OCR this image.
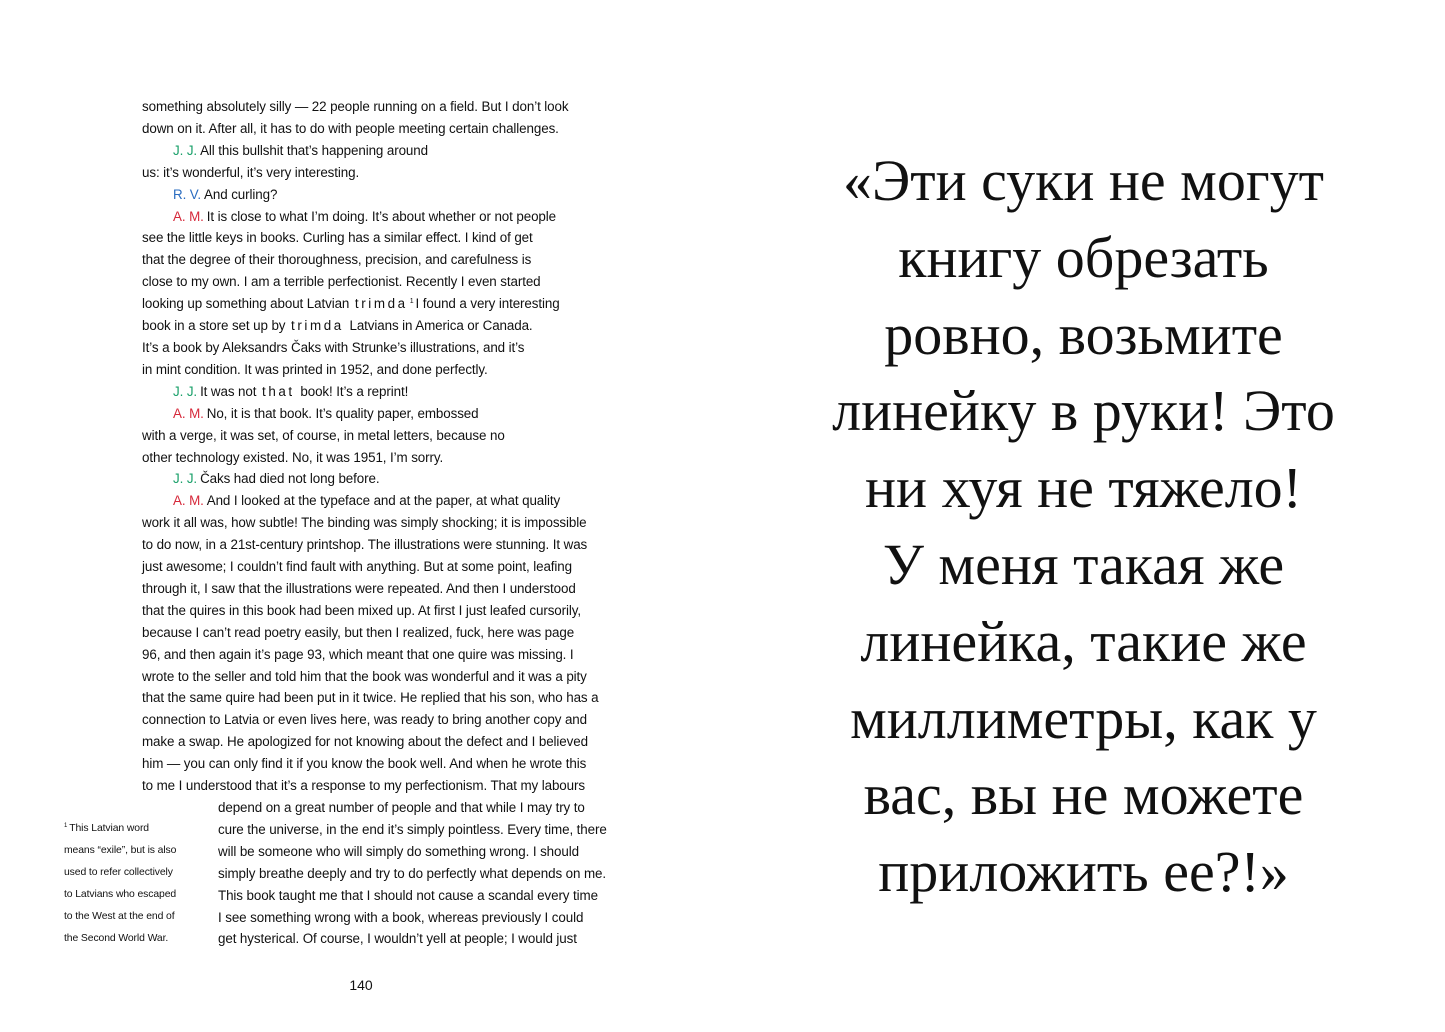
something absolutely silly — 22 people running on a field. But I don’t look
down on it. After all, it has to do with people meeting certain challenges.
J. J. All this bullshit that’s happening around
us: it’s wonderful, it’s very interesting.
R. V. And curling?
A. M. It is close to what I’m doing. It’s about whether or not people
see the little keys in books. Curling has a similar effect. I kind of get
that the degree of their thoroughness, precision, and carefulness is
close to my own. I am a terrible perfectionist. Recently I even started
looking up something about Latvian trimda $^1$ I found a very interesting
book in a store set up by trimda Latvians in America or Canada.
It’s a book by Aleksandrs Čaks with Strunke’s illustrations, and it’s
in mint condition. It was printed in 1952, and done perfectly.
J. J. It was not that book! It’s a reprint!
A. M. No, it is that book. It’s quality paper, embossed
with a verge, it was set, of course, in metal letters, because no
other technology existed. No, it was 1951, I’m sorry.
J. J. Čaks had died not long before.
A. M. And I looked at the typeface and at the paper, at what quality
work it all was, how subtle! The binding was simply shocking; it is impossible
to do now, in a 21st-century printshop. The illustrations were stunning. It was
just awesome; I couldn’t find fault with anything. But at some point, leafing
through it, I saw that the illustrations were repeated. And then I understood
that the quires in this book had been mixed up. At first I just leafed cursorily,
because I can’t read poetry easily, but then I realized, fuck, here was page
96, and then again it’s page 93, which meant that one quire was missing. I
wrote to the seller and told him that the book was wonderful and it was a pity
that the same quire had been put in it twice. He replied that his son, who has a
connection to Latvia or even lives here, was ready to bring another copy and
make a swap. He apologized for not knowing about the defect and I believed
him — you can only find it if you know the book well. And when he wrote this
to me I understood that it’s a response to my perfectionism. That my labours
depend on a great number of people and that while I may try to
cure the universe, in the end it’s simply pointless. Every time, there
will be someone who will simply do something wrong. I should
simply breathe deeply and try to do perfectly what depends on me.
This book taught me that I should not cause a scandal every time
I see something wrong with a book, whereas previously I could
get hysterical. Of course, I wouldn’t yell at people; I would just
$^1$ This Latvian word
means “exile”, but is also
used to refer collectively
to Latvians who escaped
to the West at the end of
the Second World War.
140
«Эти суки не могут
книгу обрезать
ровно, возьмите
линейку в руки! Это
ни хуя не тяжело!
У меня такая же
линейка, такие же
миллиметры, как у
вас, вы не можете
приложить ее?!»
